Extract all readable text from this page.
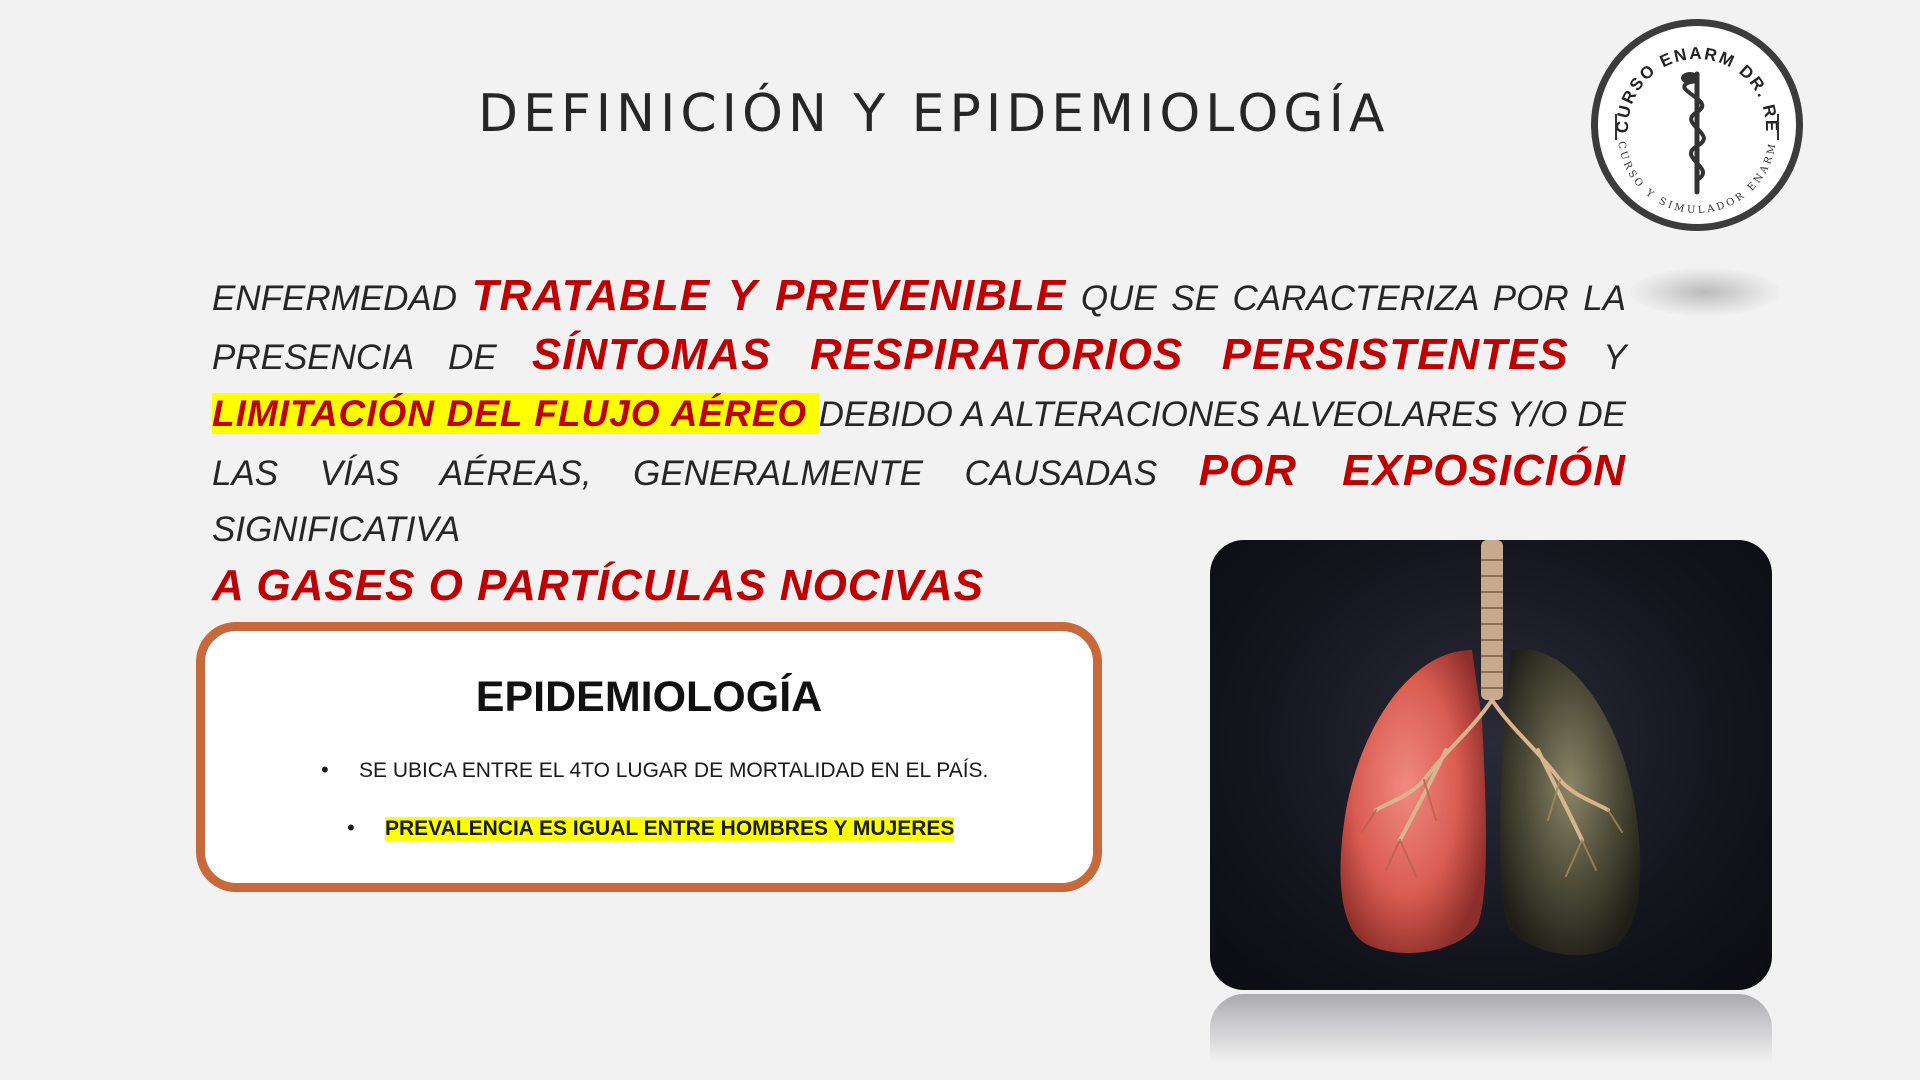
DEFINICIÓN Y EPIDEMIOLOGÍA	CURSO ENARM DR. RE
CURSO Y SIMULADOR ENARM
ENFERMEDAD TRATABLE Y PREVENIBLE QUE SE CARACTERIZA POR LA PRESENCIA DE SÍNTOMAS RESPIRATORIOS PERSISTENTES Y LIMITACIÓN DEL FLUJO AÉREO DEBIDO A ALTERACIONES ALVEOLARES Y/O DE LAS VÍAS AÉREAS, GENERALMENTE CAUSADAS POR EXPOSICIÓN SIGNIFICATIVA
A GASES O PARTÍCULAS NOCIVAS
EPIDEMIOLOGÍA
• SE UBICA ENTRE EL 4TO LUGAR DE MORTALIDAD EN EL PAÍS.
• PREVALENCIA ES IGUAL ENTRE HOMBRES Y MUJERES
